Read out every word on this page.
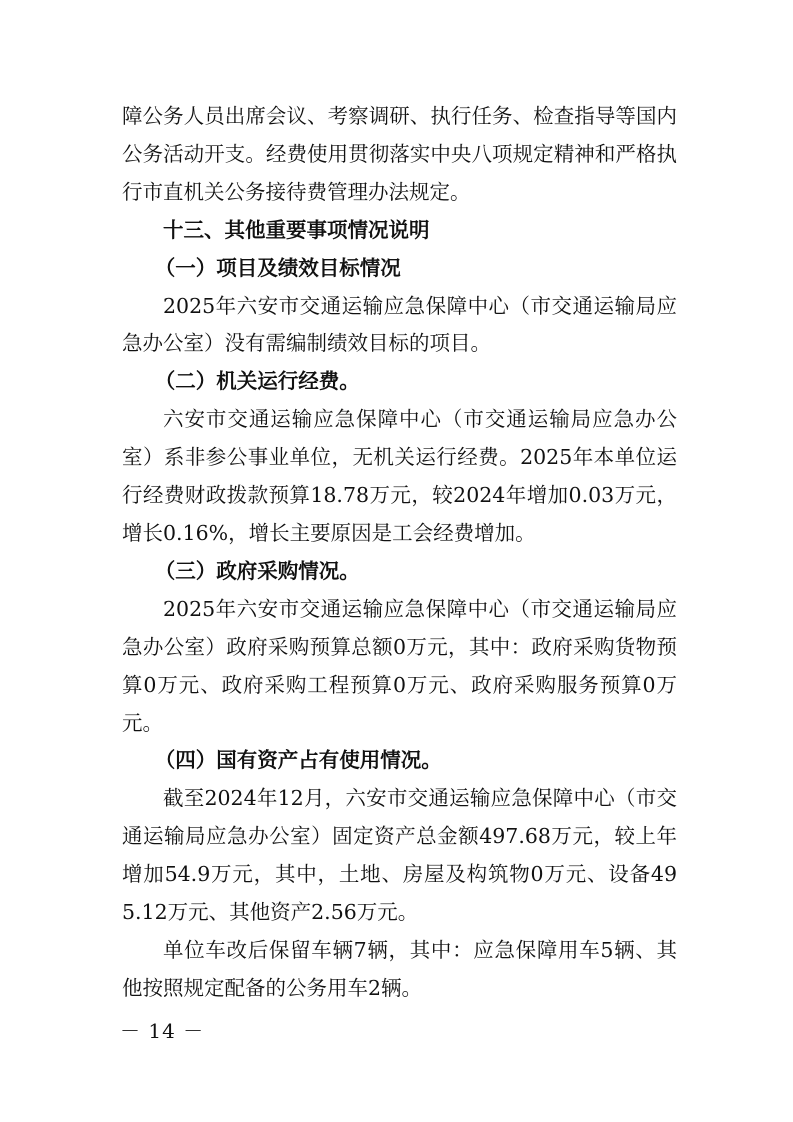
障公务人员出席会议、考察调研、执行任务、检查指导等国内公务活动开支。经费使用贯彻落实中央八项规定精神和严格执行市直机关公务接待费管理办法规定。

十三、其他重要事项情况说明

（一）项目及绩效目标情况

2025年六安市交通运输应急保障中心（市交通运输局应急办公室）没有需编制绩效目标的项目。

（二）机关运行经费。

六安市交通运输应急保障中心（市交通运输局应急办公室）系非参公事业单位，无机关运行经费。2025年本单位运行经费财政拨款预算18.78万元，较2024年增加0.03万元，增长0.16%，增长主要原因是工会经费增加。

（三）政府采购情况。

2025年六安市交通运输应急保障中心（市交通运输局应急办公室）政府采购预算总额0万元，其中：政府采购货物预算0万元、政府采购工程预算0万元、政府采购服务预算0万元。

（四）国有资产占有使用情况。

截至2024年12月，六安市交通运输应急保障中心（市交通运输局应急办公室）固定资产总金额497.68万元，较上年增加54.9万元，其中，土地、房屋及构筑物0万元、设备495.12万元、其他资产2.56万元。

单位车改后保留车辆7辆，其中：应急保障用车5辆、其他按照规定配备的公务用车2辆。

－ 14 －
